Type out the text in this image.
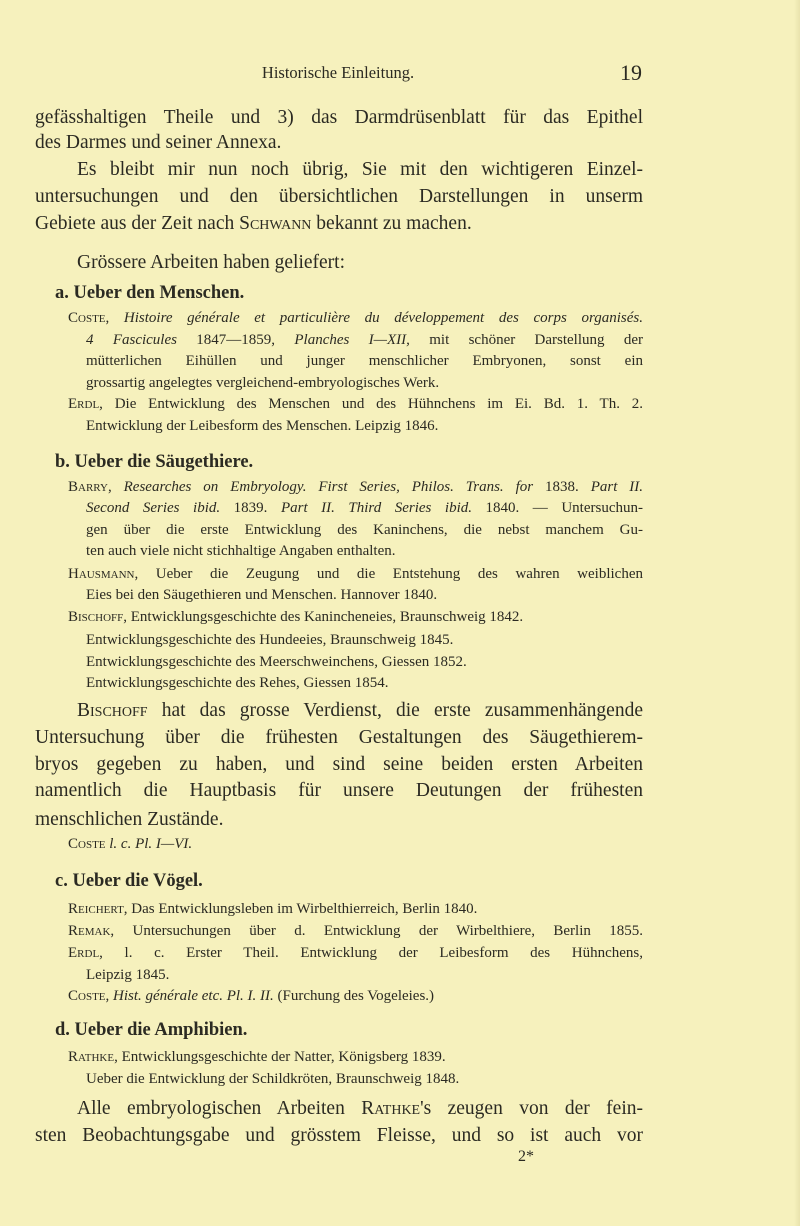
Historische Einleitung.	19
gefässhaltigen Theile und 3) das Darmdrüsenblatt für das Epithel
des Darmes und seiner Annexa.
Es bleibt mir nun noch übrig, Sie mit den wichtigeren Einzel-
untersuchungen und den übersichtlichen Darstellungen in unserm
Gebiete aus der Zeit nach Schwann bekannt zu machen.
Grössere Arbeiten haben geliefert:
a. Ueber den Menschen.
Coste, Histoire générale et particulière du développement des corps organisés.
4 Fascicules 1847—1859, Planches I—XII, mit schöner Darstellung der
mütterlichen Eihüllen und junger menschlicher Embryonen, sonst ein
grossartig angelegtes vergleichend-embryologisches Werk.
Erdl, Die Entwicklung des Menschen und des Hühnchens im Ei. Bd. 1. Th. 2.
Entwicklung der Leibesform des Menschen. Leipzig 1846.
b. Ueber die Säugethiere.
Barry, Researches on Embryology. First Series, Philos. Trans. for 1838. Part II.
Second Series ibid. 1839. Part II. Third Series ibid. 1840. — Untersuchun-
gen über die erste Entwicklung des Kaninchens, die nebst manchem Gu-
ten auch viele nicht stichhaltige Angaben enthalten.
Hausmann, Ueber die Zeugung und die Entstehung des wahren weiblichen
Eies bei den Säugethieren und Menschen. Hannover 1840.
Bischoff, Entwicklungsgeschichte des Kanincheneies, Braunschweig 1842.
Entwicklungsgeschichte des Hundeeies, Braunschweig 1845.
Entwicklungsgeschichte des Meerschweinchens, Giessen 1852.
Entwicklungsgeschichte des Rehes, Giessen 1854.
Bischoff hat das grosse Verdienst, die erste zusammenhängende
Untersuchung über die frühesten Gestaltungen des Säugethierem-
bryos gegeben zu haben, und sind seine beiden ersten Arbeiten
namentlich die Hauptbasis für unsere Deutungen der frühesten
menschlichen Zustände.
Coste l. c. Pl. I—VI.
c. Ueber die Vögel.
Reichert, Das Entwicklungsleben im Wirbelthierreich, Berlin 1840.
Remak, Untersuchungen über d. Entwicklung der Wirbelthiere, Berlin 1855.
Erdl, l. c. Erster Theil. Entwicklung der Leibesform des Hühnchens,
Leipzig 1845.
Coste, Hist. générale etc. Pl. I. II. (Furchung des Vogeleies.)
d. Ueber die Amphibien.
Rathke, Entwicklungsgeschichte der Natter, Königsberg 1839.
Ueber die Entwicklung der Schildkröten, Braunschweig 1848.
Alle embryologischen Arbeiten Rathke's zeugen von der fein-
sten Beobachtungsgabe und grösstem Fleisse, und so ist auch vor
2*
